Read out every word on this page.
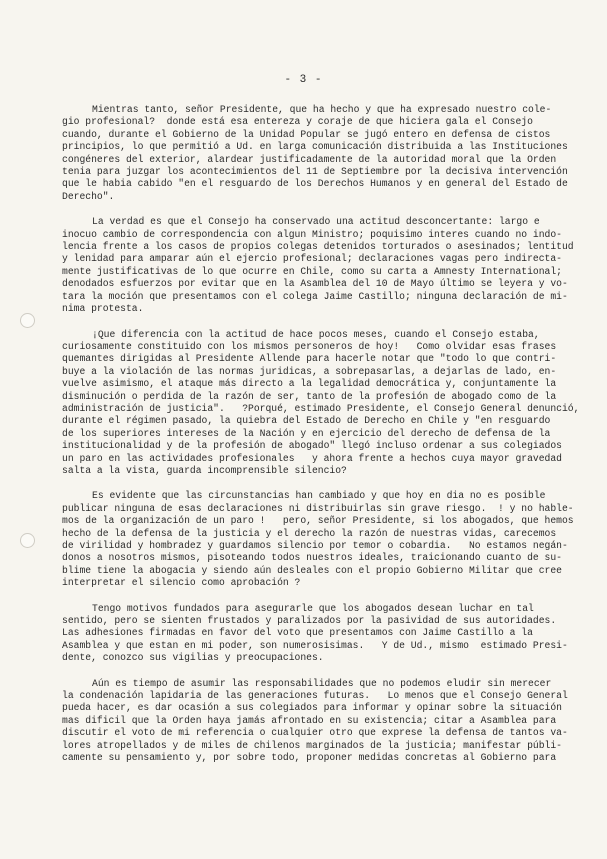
- 3 -
Mientras tanto, señor Presidente, que ha hecho y que ha expresado nuestro cole-
gio profesional?  donde está esa entereza y coraje de que hiciera gala el Consejo
cuando, durante el Gobierno de la Unidad Popular se jugó entero en defensa de cistos
principios, lo que permitió a Ud. en larga comunicación distribuida a las Instituciones
congéneres del exterior, alardear justificadamente de la autoridad moral que la Orden
tenia para juzgar los acontecimientos del 11 de Septiembre por la decisiva intervención
que le habia cabido "en el resguardo de los Derechos Humanos y en general del Estado de
Derecho".
La verdad es que el Consejo ha conservado una actitud desconcertante: largo e
inocuo cambio de correspondencia con algun Ministro; poquisimo interes cuando no indo-
lencia frente a los casos de propios colegas detenidos torturados o asesinados; lentitud
y lenidad para amparar aún el ejercio profesional; declaraciones vagas pero indirecta-
mente justificativas de lo que ocurre en Chile, como su carta a Amnesty International;
denodados esfuerzos por evitar que en la Asamblea del 10 de Mayo último se leyera y vo-
tara la moción que presentamos con el colega Jaime Castillo; ninguna declaración de mi-
nima protesta.
¡Que diferencia con la actitud de hace pocos meses, cuando el Consejo estaba,
curiosamente constituido con los mismos personeros de hoy!   Como olvidar esas frases
quemantes dirigidas al Presidente Allende para hacerle notar que "todo lo que contri-
buye a la violación de las normas juridicas, a sobrepasarlas, a dejarlas de lado, en-
vuelve asimismo, el ataque más directo a la legalidad democrática y, conjuntamente la
disminución o perdida de la razón de ser, tanto de la profesión de abogado como de la
administración de justicia".   ?Porqué, estimado Presidente, el Consejo General denunció,
durante el régimen pasado, la quiebra del Estado de Derecho en Chile y "en resguardo
de los superiores intereses de la Nación y en ejercicio del derecho de defensa de la
institucionalidad y de la profesión de abogado" llegó incluso ordenar a sus colegiados
un paro en las actividades profesionales   y ahora frente a hechos cuya mayor gravedad
salta a la vista, guarda incomprensible silencio?
Es evidente que las circunstancias han cambiado y que hoy en dia no es posible
publicar ninguna de esas declaraciones ni distribuirlas sin grave riesgo.  ! y no hable-
mos de la organización de un paro !   pero, señor Presidente, si los abogados, que hemos
hecho de la defensa de la justicia y el derecho la razón de nuestras vidas, carecemos
de virilidad y hombradez y guardamos silencio por temor o cobardia.   No estamos negán-
donos a nosotros mismos, pisoteando todos nuestros ideales, traicionando cuanto de su-
blime tiene la abogacia y siendo aún desleales con el propio Gobierno Militar que cree
interpretar el silencio como aprobación ?
Tengo motivos fundados para asegurarle que los abogados desean luchar en tal
sentido, pero se sienten frustados y paralizados por la pasividad de sus autoridades.
Las adhesiones firmadas en favor del voto que presentamos con Jaime Castillo a la
Asamblea y que estan en mi poder, son numerosisimas.   Y de Ud., mismo  estimado Presi-
dente, conozco sus vigilias y preocupaciones.
Aún es tiempo de asumir las responsabilidades que no podemos eludir sin merecer
la condenación lapidaria de las generaciones futuras.   Lo menos que el Consejo General
pueda hacer, es dar ocasión a sus colegiados para informar y opinar sobre la situación
mas dificil que la Orden haya jamás afrontado en su existencia; citar a Asamblea para
discutir el voto de mi referencia o cualquier otro que exprese la defensa de tantos va-
lores atropellados y de miles de chilenos marginados de la justicia; manifestar públi-
camente su pensamiento y, por sobre todo, proponer medidas concretas al Gobierno para
